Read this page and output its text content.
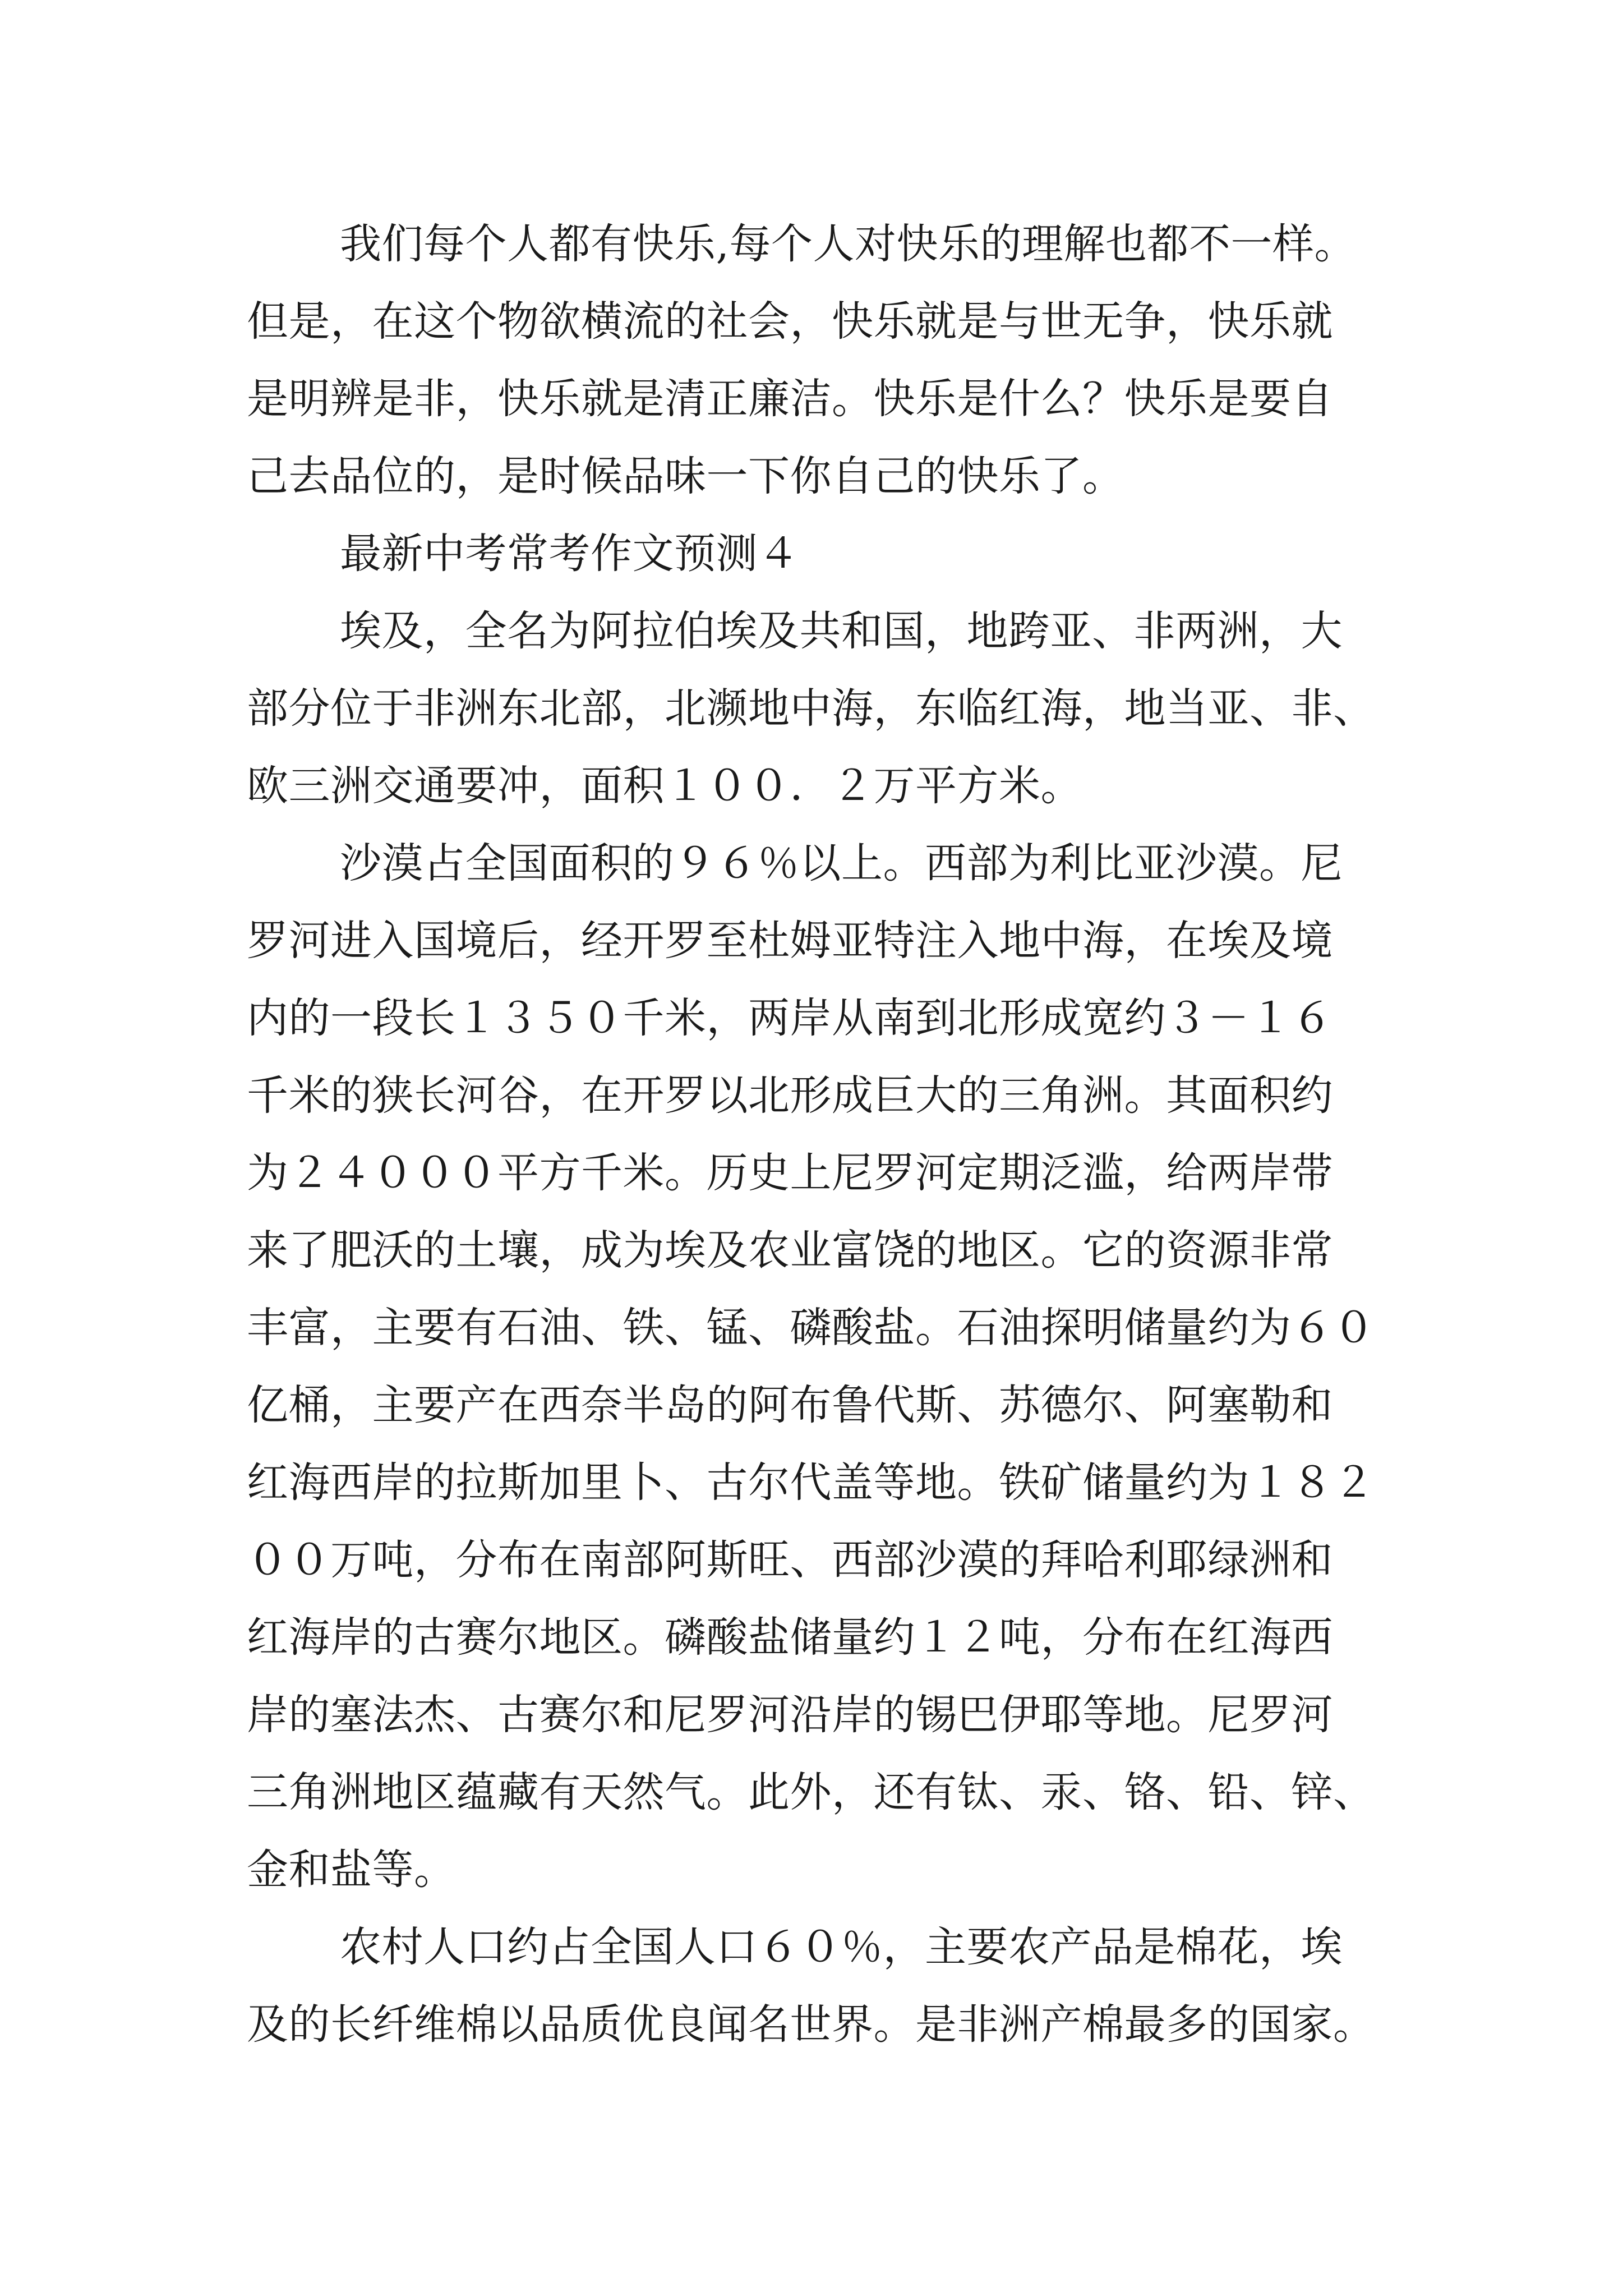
我们每个人都有快乐,每个人对快乐的理解也都不一样。
但是，在这个物欲横流的社会，快乐就是与世无争，快乐就
是明辨是非，快乐就是清正廉洁。快乐是什么？快乐是要自
己去品位的，是时候品味一下你自己的快乐了。
最新中考常考作文预测４
埃及，全名为阿拉伯埃及共和国，地跨亚、非两洲，大
部分位于非洲东北部，北濒地中海，东临红海，地当亚、非、
欧三洲交通要冲，面积１００．２万平方米。
沙漠占全国面积的９６％以上。西部为利比亚沙漠。尼
罗河进入国境后，经开罗至杜姆亚特注入地中海，在埃及境
内的一段长１３５０千米，两岸从南到北形成宽约３－１６
千米的狭长河谷，在开罗以北形成巨大的三角洲。其面积约
为２４０００平方千米。历史上尼罗河定期泛滥，给两岸带
来了肥沃的土壤，成为埃及农业富饶的地区。它的资源非常
丰富，主要有石油、铁、锰、磷酸盐。石油探明储量约为６０
亿桶，主要产在西奈半岛的阿布鲁代斯、苏德尔、阿塞勒和
红海西岸的拉斯加里卜、古尔代盖等地。铁矿储量约为１８２
００万吨，分布在南部阿斯旺、西部沙漠的拜哈利耶绿洲和
红海岸的古赛尔地区。磷酸盐储量约１２吨，分布在红海西
岸的塞法杰、古赛尔和尼罗河沿岸的锡巴伊耶等地。尼罗河
三角洲地区蕴藏有天然气。此外，还有钛、汞、铬、铅、锌、
金和盐等。
农村人口约占全国人口６０％，主要农产品是棉花，埃
及的长纤维棉以品质优良闻名世界。是非洲产棉最多的国家。
